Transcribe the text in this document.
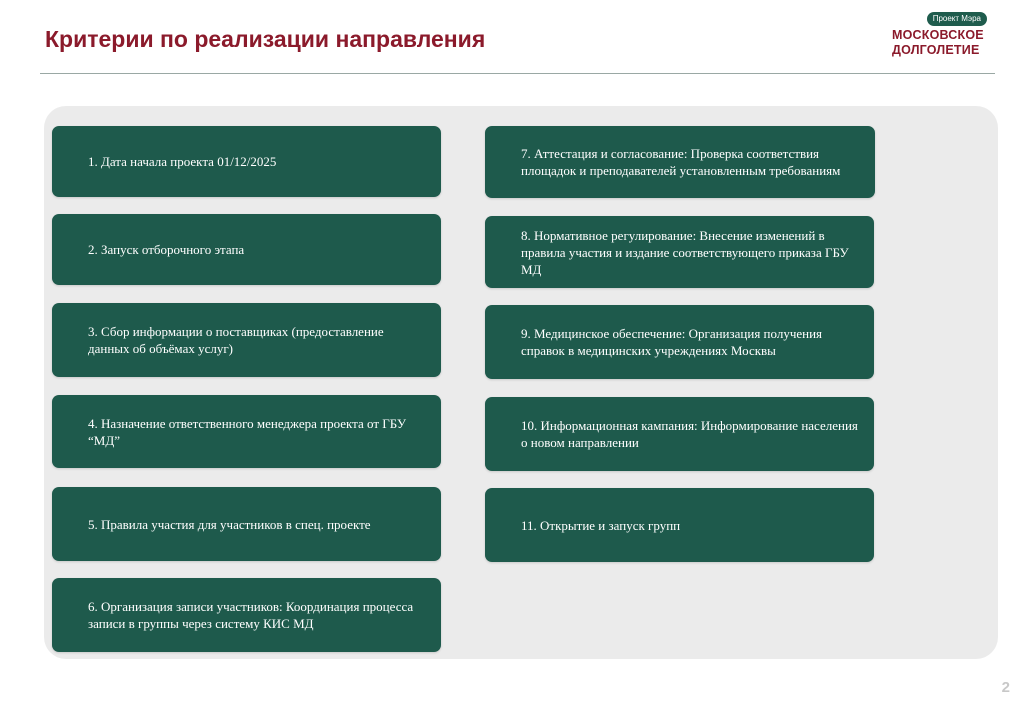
Критерии по реализации направления
Проект Мэра
МОСКОВСКОЕ
ДОЛГОЛЕТИЕ
1. Дата начала проекта 01/12/2025
2. Запуск отборочного этапа
3. Сбор информации о поставщиках (предоставление данных об объёмах услуг)
4. Назначение ответственного менеджера проекта от ГБУ “МД”
5. Правила участия для участников в спец. проекте
6. Организация записи участников: Координация процесса записи в группы через систему КИС МД
7. Аттестация и согласование: Проверка соответствия площадок и преподавателей установленным требованиям
8. Нормативное регулирование: Внесение изменений в правила участия и издание соответствующего приказа ГБУ МД
9. Медицинское обеспечение: Организация получения справок в медицинских учреждениях Москвы
10. Информационная кампания: Информирование населения о новом направлении
11. Открытие и запуск групп
2
